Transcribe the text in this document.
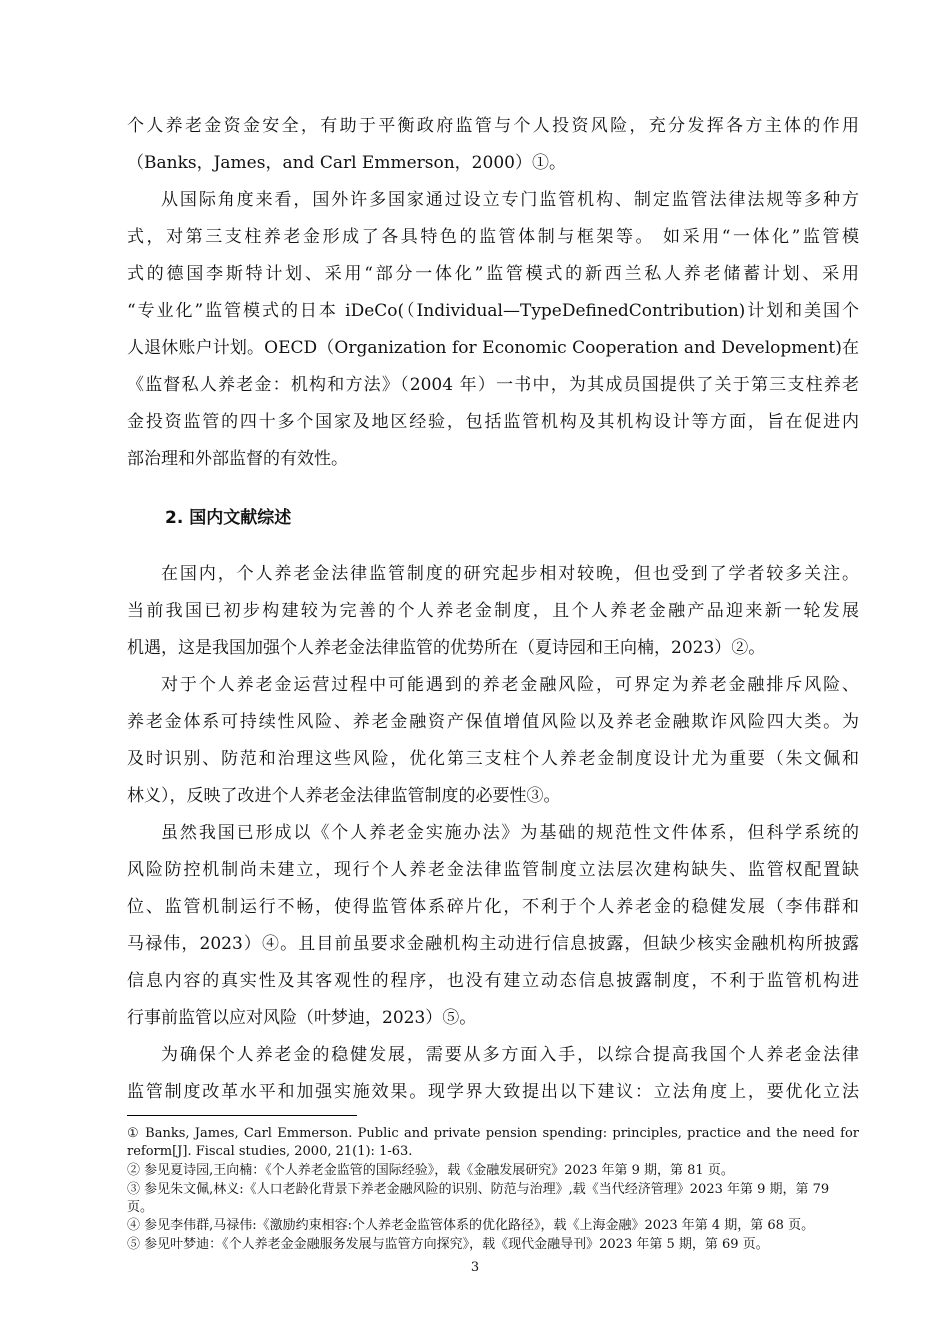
个人养老金资金安全，有助于平衡政府监管与个人投资风险，充分发挥各方主体的作用
（Banks，James，and Carl Emmerson，2000）①。
从国际角度来看，国外许多国家通过设立专门监管机构、制定监管法律法规等多种方
式，对第三支柱养老金形成了各具特色的监管体制与框架等。 如采用“一体化”监管模
式的德国李斯特计划、采用“部分一体化”监管模式的新西兰私人养老储蓄计划、采用
“专业化”监管模式的日本 iDeCo(（Individual—TypeDefinedContribution)计划和美国个
人退休账户计划。OECD（Organization for Economic Cooperation and Development)在
《监督私人养老金：机构和方法》（2004 年）一书中，为其成员国提供了关于第三支柱养老
金投资监管的四十多个国家及地区经验，包括监管机构及其机构设计等方面，旨在促进内
部治理和外部监督的有效性。
2. 国内文献综述
在国内，个人养老金法律监管制度的研究起步相对较晚，但也受到了学者较多关注。
当前我国已初步构建较为完善的个人养老金制度，且个人养老金融产品迎来新一轮发展
机遇，这是我国加强个人养老金法律监管的优势所在（夏诗园和王向楠，2023）②。
对于个人养老金运营过程中可能遇到的养老金融风险，可界定为养老金融排斥风险、
养老金体系可持续性风险、养老金融资产保值增值风险以及养老金融欺诈风险四大类。为
及时识别、防范和治理这些风险，优化第三支柱个人养老金制度设计尤为重要（朱文佩和
林义），反映了改进个人养老金法律监管制度的必要性③。
虽然我国已形成以《个人养老金实施办法》为基础的规范性文件体系，但科学系统的
风险防控机制尚未建立，现行个人养老金法律监管制度立法层次建构缺失、监管权配置缺
位、监管机制运行不畅，使得监管体系碎片化，不利于个人养老金的稳健发展（李伟群和
马禄伟，2023）④。且目前虽要求金融机构主动进行信息披露，但缺少核实金融机构所披露
信息内容的真实性及其客观性的程序，也没有建立动态信息披露制度，不利于监管机构进
行事前监管以应对风险（叶梦迪，2023）⑤。
为确保个人养老金的稳健发展，需要从多方面入手，以综合提高我国个人养老金法律
监管制度改革水平和加强实施效果。现学界大致提出以下建议：立法角度上，要优化立法
① Banks, James, Carl Emmerson. Public and private pension spending: principles, practice and the need for
reform[J]. Fiscal studies, 2000, 21(1): 1-63.
② 参见夏诗园,王向楠：《个人养老金监管的国际经验》，载《金融发展研究》2023 年第 9 期，第 81 页。
③ 参见朱文佩,林义:《人口老龄化背景下养老金融风险的识别、防范与治理》,载《当代经济管理》2023 年第 9 期，第 79
页。
④ 参见李伟群,马禄伟:《激励约束相容:个人养老金监管体系的优化路径》，载《上海金融》2023 年第 4 期，第 68 页。
⑤ 参见叶梦迪：《个人养老金金融服务发展与监管方向探究》，载《现代金融导刊》2023 年第 5 期，第 69 页。
3
